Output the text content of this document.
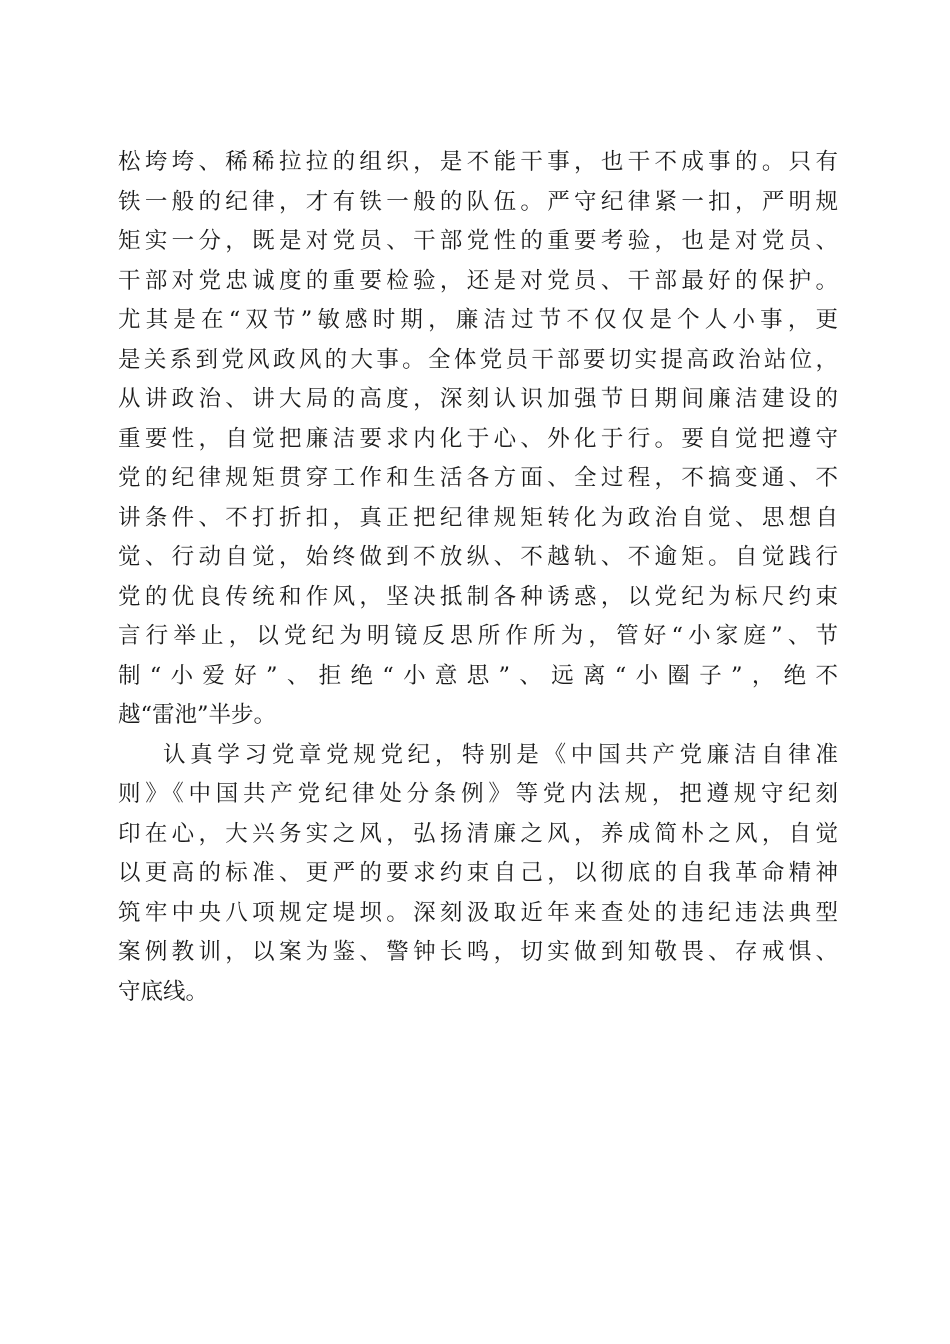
松垮垮、稀稀拉拉的组织，是不能干事，也干不成事的。只有
铁一般的纪律，才有铁一般的队伍。严守纪律紧一扣，严明规
矩实一分，既是对党员、干部党性的重要考验，也是对党员、
干部对党忠诚度的重要检验，还是对党员、干部最好的保护。
尤其是在“双节”敏感时期，廉洁过节不仅仅是个人小事，更
是关系到党风政风的大事。全体党员干部要切实提高政治站位，
从讲政治、讲大局的高度，深刻认识加强节日期间廉洁建设的
重要性，自觉把廉洁要求内化于心、外化于行。要自觉把遵守
党的纪律规矩贯穿工作和生活各方面、全过程，不搞变通、不
讲条件、不打折扣，真正把纪律规矩转化为政治自觉、思想自
觉、行动自觉，始终做到不放纵、不越轨、不逾矩。自觉践行
党的优良传统和作风，坚决抵制各种诱惑，以党纪为标尺约束
言行举止，以党纪为明镜反思所作所为，管好“小家庭”、节
制“小爱好”、拒绝“小意思”、远离“小圈子”，绝不
越“雷池”半步。
认真学习党章党规党纪，特别是《中国共产党廉洁自律准
则》《中国共产党纪律处分条例》等党内法规，把遵规守纪刻
印在心，大兴务实之风，弘扬清廉之风，养成简朴之风，自觉
以更高的标准、更严的要求约束自己，以彻底的自我革命精神
筑牢中央八项规定堤坝。深刻汲取近年来查处的违纪违法典型
案例教训，以案为鉴、警钟长鸣，切实做到知敬畏、存戒惧、
守底线。
